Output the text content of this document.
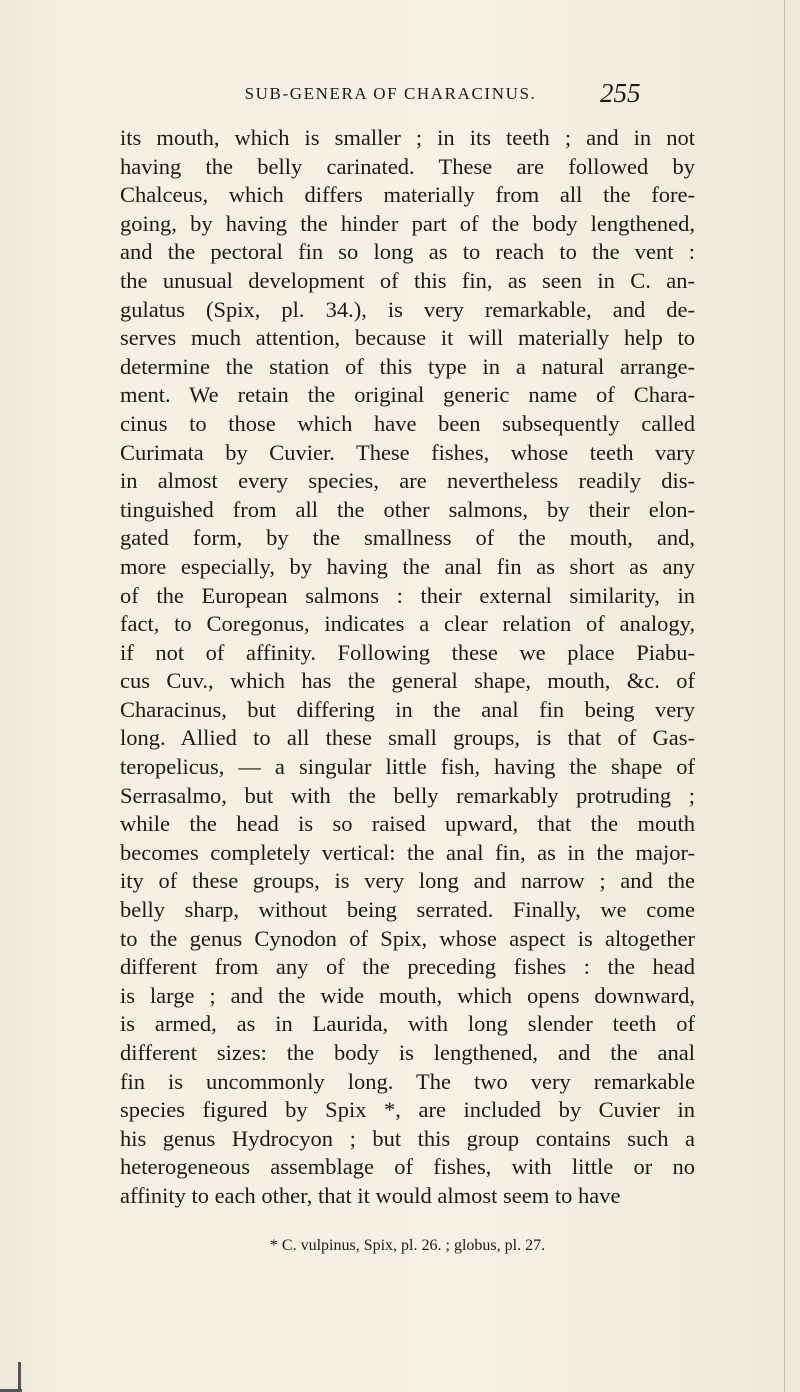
SUB-GENERA OF CHARACINUS.	255
its mouth, which is smaller ; in its teeth ; and in not
having the belly carinated. These are followed by
Chalceus, which differs materially from all the fore-
going, by having the hinder part of the body lengthened,
and the pectoral fin so long as to reach to the vent :
the unusual development of this fin, as seen in C. an-
gulatus (Spix, pl. 34.), is very remarkable, and de-
serves much attention, because it will materially help to
determine the station of this type in a natural arrange-
ment. We retain the original generic name of Chara-
cinus to those which have been subsequently called
Curimata by Cuvier. These fishes, whose teeth vary
in almost every species, are nevertheless readily dis-
tinguished from all the other salmons, by their elon-
gated form, by the smallness of the mouth, and,
more especially, by having the anal fin as short as any
of the European salmons : their external similarity, in
fact, to Coregonus, indicates a clear relation of analogy,
if not of affinity. Following these we place Piabu-
cus Cuv., which has the general shape, mouth, &c. of
Characinus, but differing in the anal fin being very
long. Allied to all these small groups, is that of Gas-
teropelicus, — a singular little fish, having the shape of
Serrasalmo, but with the belly remarkably protruding ;
while the head is so raised upward, that the mouth
becomes completely vertical: the anal fin, as in the major-
ity of these groups, is very long and narrow ; and the
belly sharp, without being serrated. Finally, we come
to the genus Cynodon of Spix, whose aspect is altogether
different from any of the preceding fishes : the head
is large ; and the wide mouth, which opens downward,
is armed, as in Laurida, with long slender teeth of
different sizes: the body is lengthened, and the anal
fin is uncommonly long. The two very remarkable
species figured by Spix *, are included by Cuvier in
his genus Hydrocyon ; but this group contains such a
heterogeneous assemblage of fishes, with little or no
affinity to each other, that it would almost seem to have
* C. vulpinus, Spix, pl. 26. ; globus, pl. 27.
